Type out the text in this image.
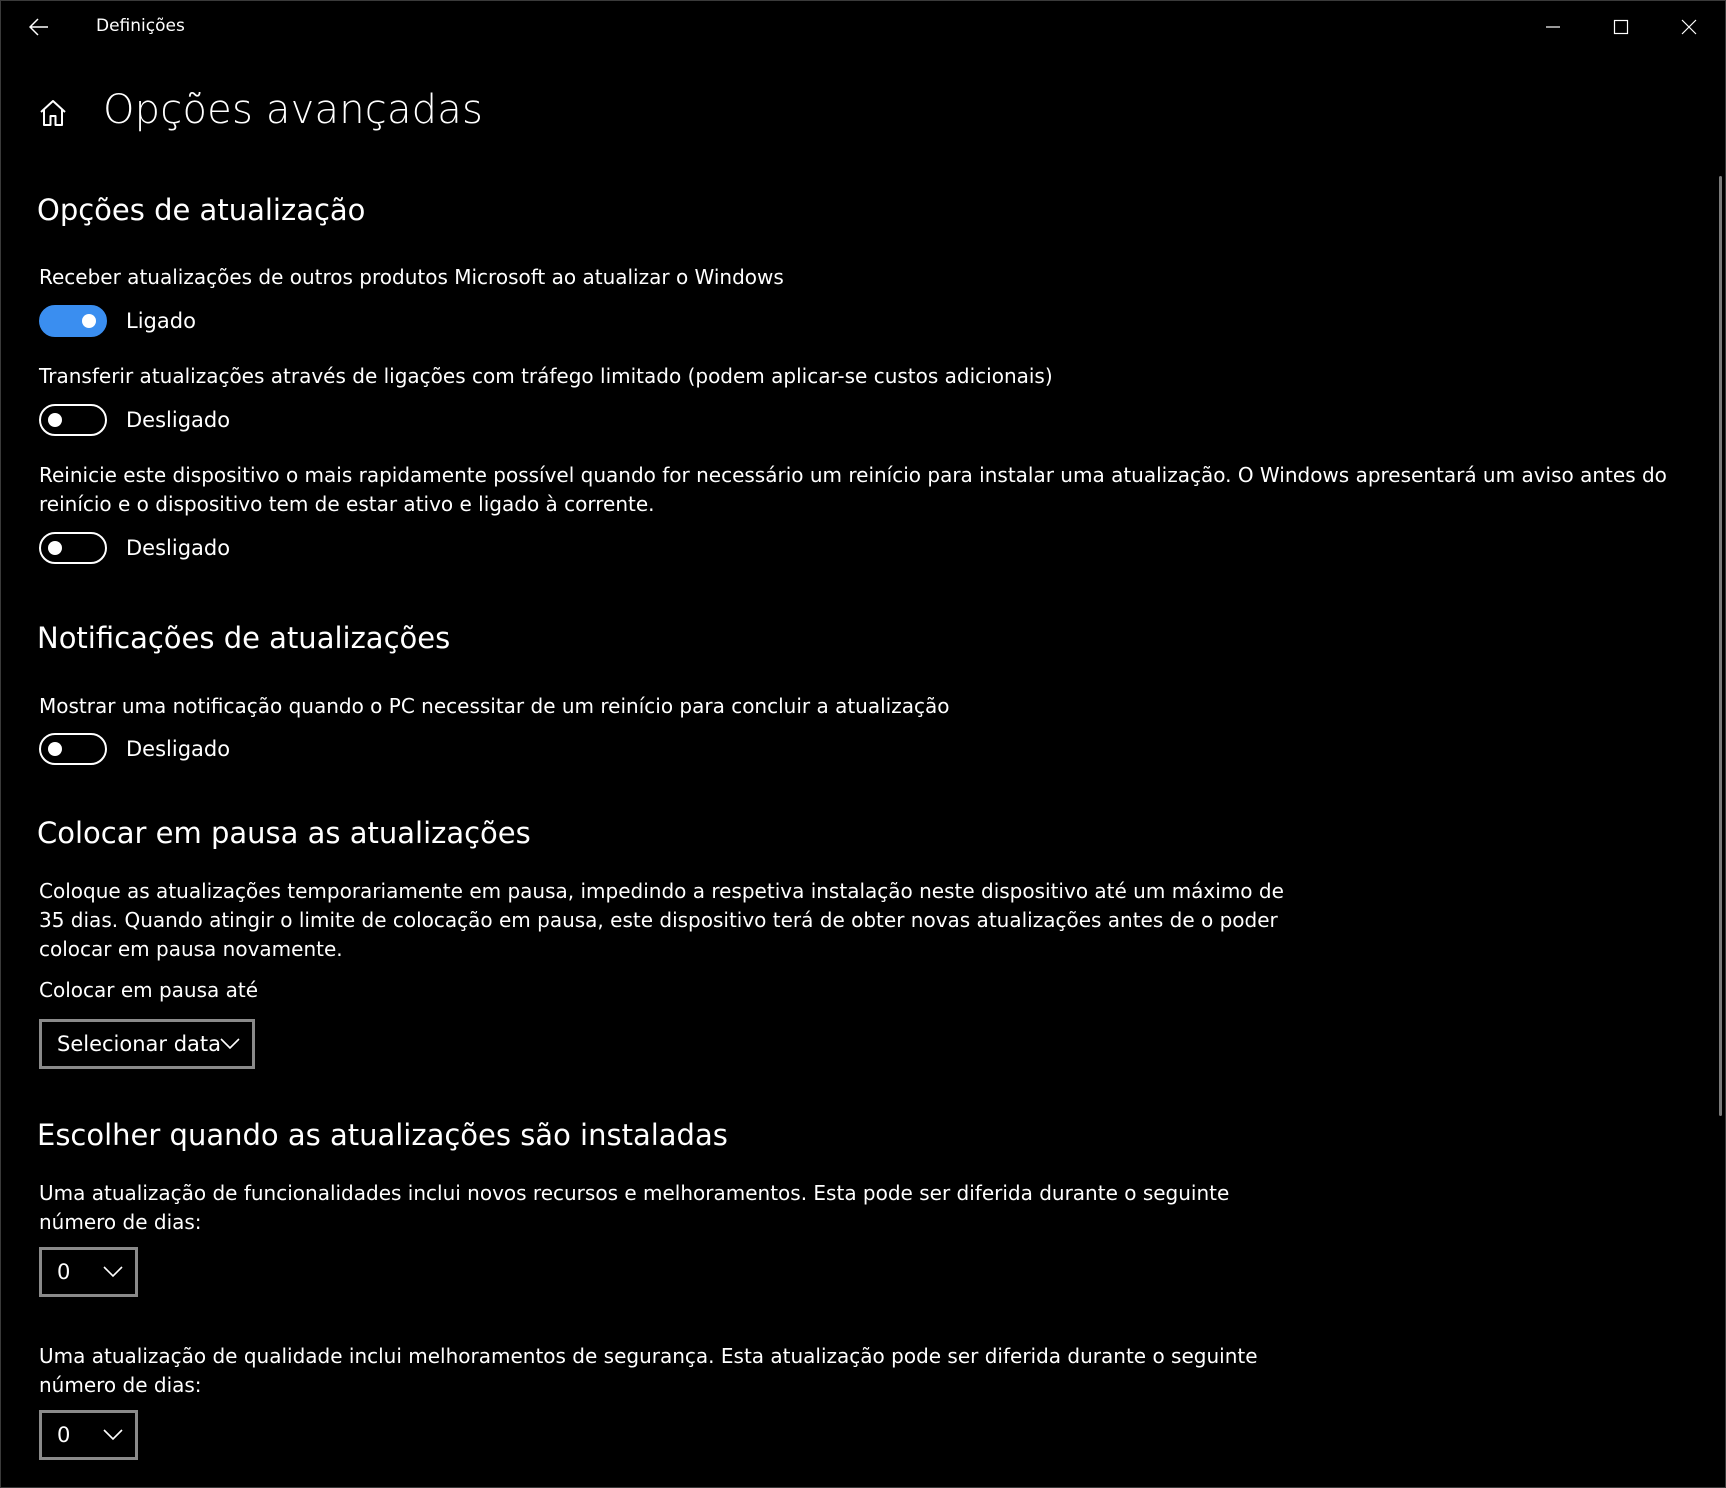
Definições
Opções avançadas
Opções de atualização
Receber atualizações de outros produtos Microsoft ao atualizar o Windows
Ligado
Transferir atualizações através de ligações com tráfego limitado (podem aplicar-se custos adicionais)
Desligado
Reinicie este dispositivo o mais rapidamente possível quando for necessário um reinício para instalar uma atualização. O Windows apresentará um aviso antes do reinício e o dispositivo tem de estar ativo e ligado à corrente.
Desligado
Notificações de atualizações
Mostrar uma notificação quando o PC necessitar de um reinício para concluir a atualização
Desligado
Colocar em pausa as atualizações
Coloque as atualizações temporariamente em pausa, impedindo a respetiva instalação neste dispositivo até um máximo de 35 dias. Quando atingir o limite de colocação em pausa, este dispositivo terá de obter novas atualizações antes de o poder colocar em pausa novamente.
Colocar em pausa até
Selecionar data
Escolher quando as atualizações são instaladas
Uma atualização de funcionalidades inclui novos recursos e melhoramentos. Esta pode ser diferida durante o seguinte número de dias:
0
Uma atualização de qualidade inclui melhoramentos de segurança. Esta atualização pode ser diferida durante o seguinte número de dias:
0
